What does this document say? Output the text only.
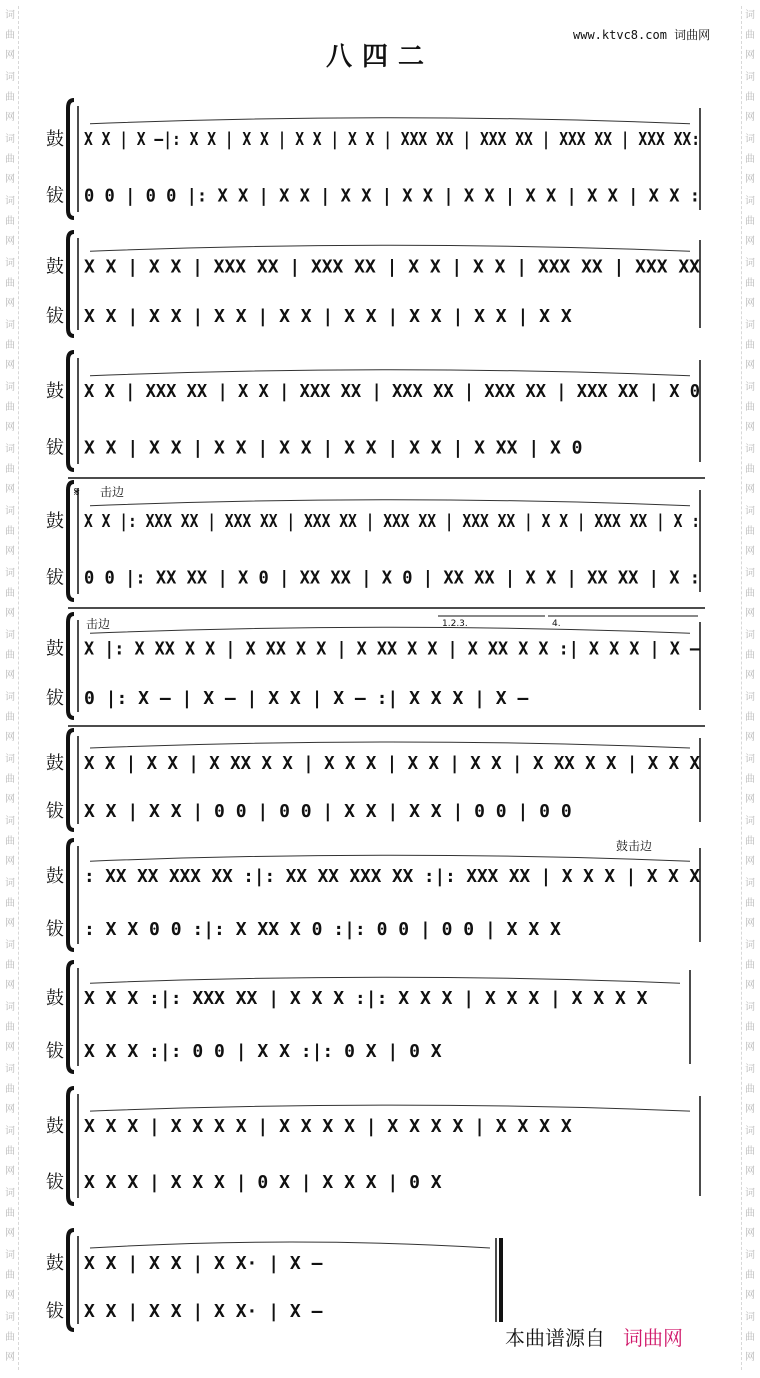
词曲网
词曲网
词曲网
词曲网
词曲网
词曲网
词曲网
词曲网
词曲网
词曲网
词曲网
词曲网
词曲网
词曲网
词曲网
词曲网
词曲网
词曲网
词曲网
词曲网
词曲网
词曲网
词曲网
词曲网
词曲网
词曲网
词曲网
词曲网
词曲网
词曲网
词曲网
词曲网
词曲网
词曲网
词曲网
词曲网
词曲网
词曲网
词曲网
词曲网
词曲网
词曲网
词曲网
词曲网
www.ktvc8.com 词曲网
八四二
鼓
钹
X X | X –|: X X | X X | X X | X X | XXX XX | XXX XX | XXX XX | XXX XX:
0 0 | 0 0 |: X X | X X | X X | X X | X X | X X | X X | X X :
鼓
钹
X X | X X | XXX XX | XXX XX | X X | X X | XXX XX | XXX XX
X X | X X | X X | X X | X X | X X | X X | X X
鼓
钹
X X | XXX XX | X X | XXX XX | XXX XX | XXX XX | XXX XX | X 0
X X | X X | X X | X X | X X | X X | X XX | X 0
鼓
钹
X X |: XXX XX | XXX XX | XXX XX | XXX XX | XXX XX | X X | XXX XX | X :
0 0 |: XX XX | X 0 | XX XX | X 0 | XX XX | X X | XX XX | X :
𝄋 击边
鼓
钹
X |: X XX X X | X XX X X | X XX X X | X XX X X :| X X X | X –
0 |: X – | X – | X X | X – :| X X X | X –
击边	1.2.3.	4.
鼓
钹
X X | X X | X XX X X | X X X | X X | X X | X XX X X | X X X
X X | X X | 0 0 | 0 0 | X X | X X | 0 0 | 0 0
鼓
钹
: XX XX XXX XX :|: XX XX XXX XX :|: XXX XX | X X X | X X X
: X X 0 0 :|: X XX X 0 :|: 0 0 | 0 0 | X X X
鼓击边
鼓
钹
X X X :|: XXX XX | X X X :|: X X X | X X X | X X X X
X X X :|: 0 0 | X X :|: 0 X | 0 X
鼓
钹
X X X | X X X X | X X X X | X X X X | X X X X
X X X | X X X | 0 X | X X X | 0 X
鼓
钹
X X | X X | X X· | X –
X X | X X | X X· | X –
本曲谱源自 词曲网
